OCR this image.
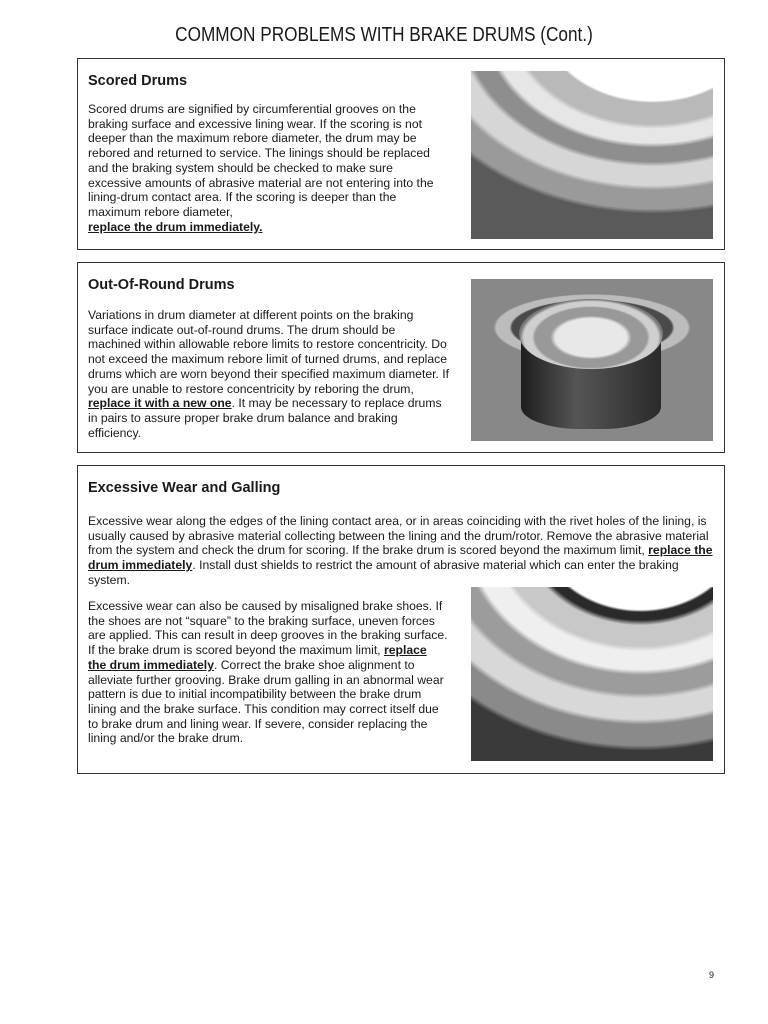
COMMON PROBLEMS WITH BRAKE DRUMS (Cont.)
Scored Drums

Scored drums are signified by circumferential grooves on the braking surface and excessive lining wear. If the scoring is not deeper than the maximum rebore diameter, the drum may be rebored and returned to service. The linings should be replaced and the braking system should be checked to make sure excessive amounts of abrasive material are not entering into the lining-drum contact area. If the scoring is deeper than the maximum rebore diameter,
replace the drum immediately.

Out-Of-Round Drums

Variations in drum diameter at different points on the braking surface indicate out-of-round drums. The drum should be machined within allowable rebore limits to restore concentricity. Do not exceed the maximum rebore limit of turned drums, and replace drums which are worn beyond their specified maximum diameter. If you are unable to restore concentricity by reboring the drum, replace it with a new one. It may be necessary to replace drums in pairs to assure proper brake drum balance and braking efficiency.

Excessive Wear and Galling

Excessive wear along the edges of the lining contact area, or in areas coinciding with the rivet holes of the lining, is usually caused by abrasive material collecting between the lining and the drum/rotor. Remove the abrasive material from the system and check the drum for scoring. If the brake drum is scored beyond the maximum limit, replace the drum immediately. Install dust shields to restrict the amount of abrasive material which can enter the braking system.

Excessive wear can also be caused by misaligned brake shoes. If the shoes are not “square” to the braking surface, uneven forces are applied. This can result in deep grooves in the braking surface. If the brake drum is scored beyond the maximum limit, replace the drum immediately. Correct the brake shoe alignment to alleviate further grooving. Brake drum galling in an abnormal wear pattern is due to initial incompatibility between the brake drum lining and the brake surface. This condition may correct itself due to brake drum and lining wear. If severe, consider replacing the lining and/or the brake drum.

9
